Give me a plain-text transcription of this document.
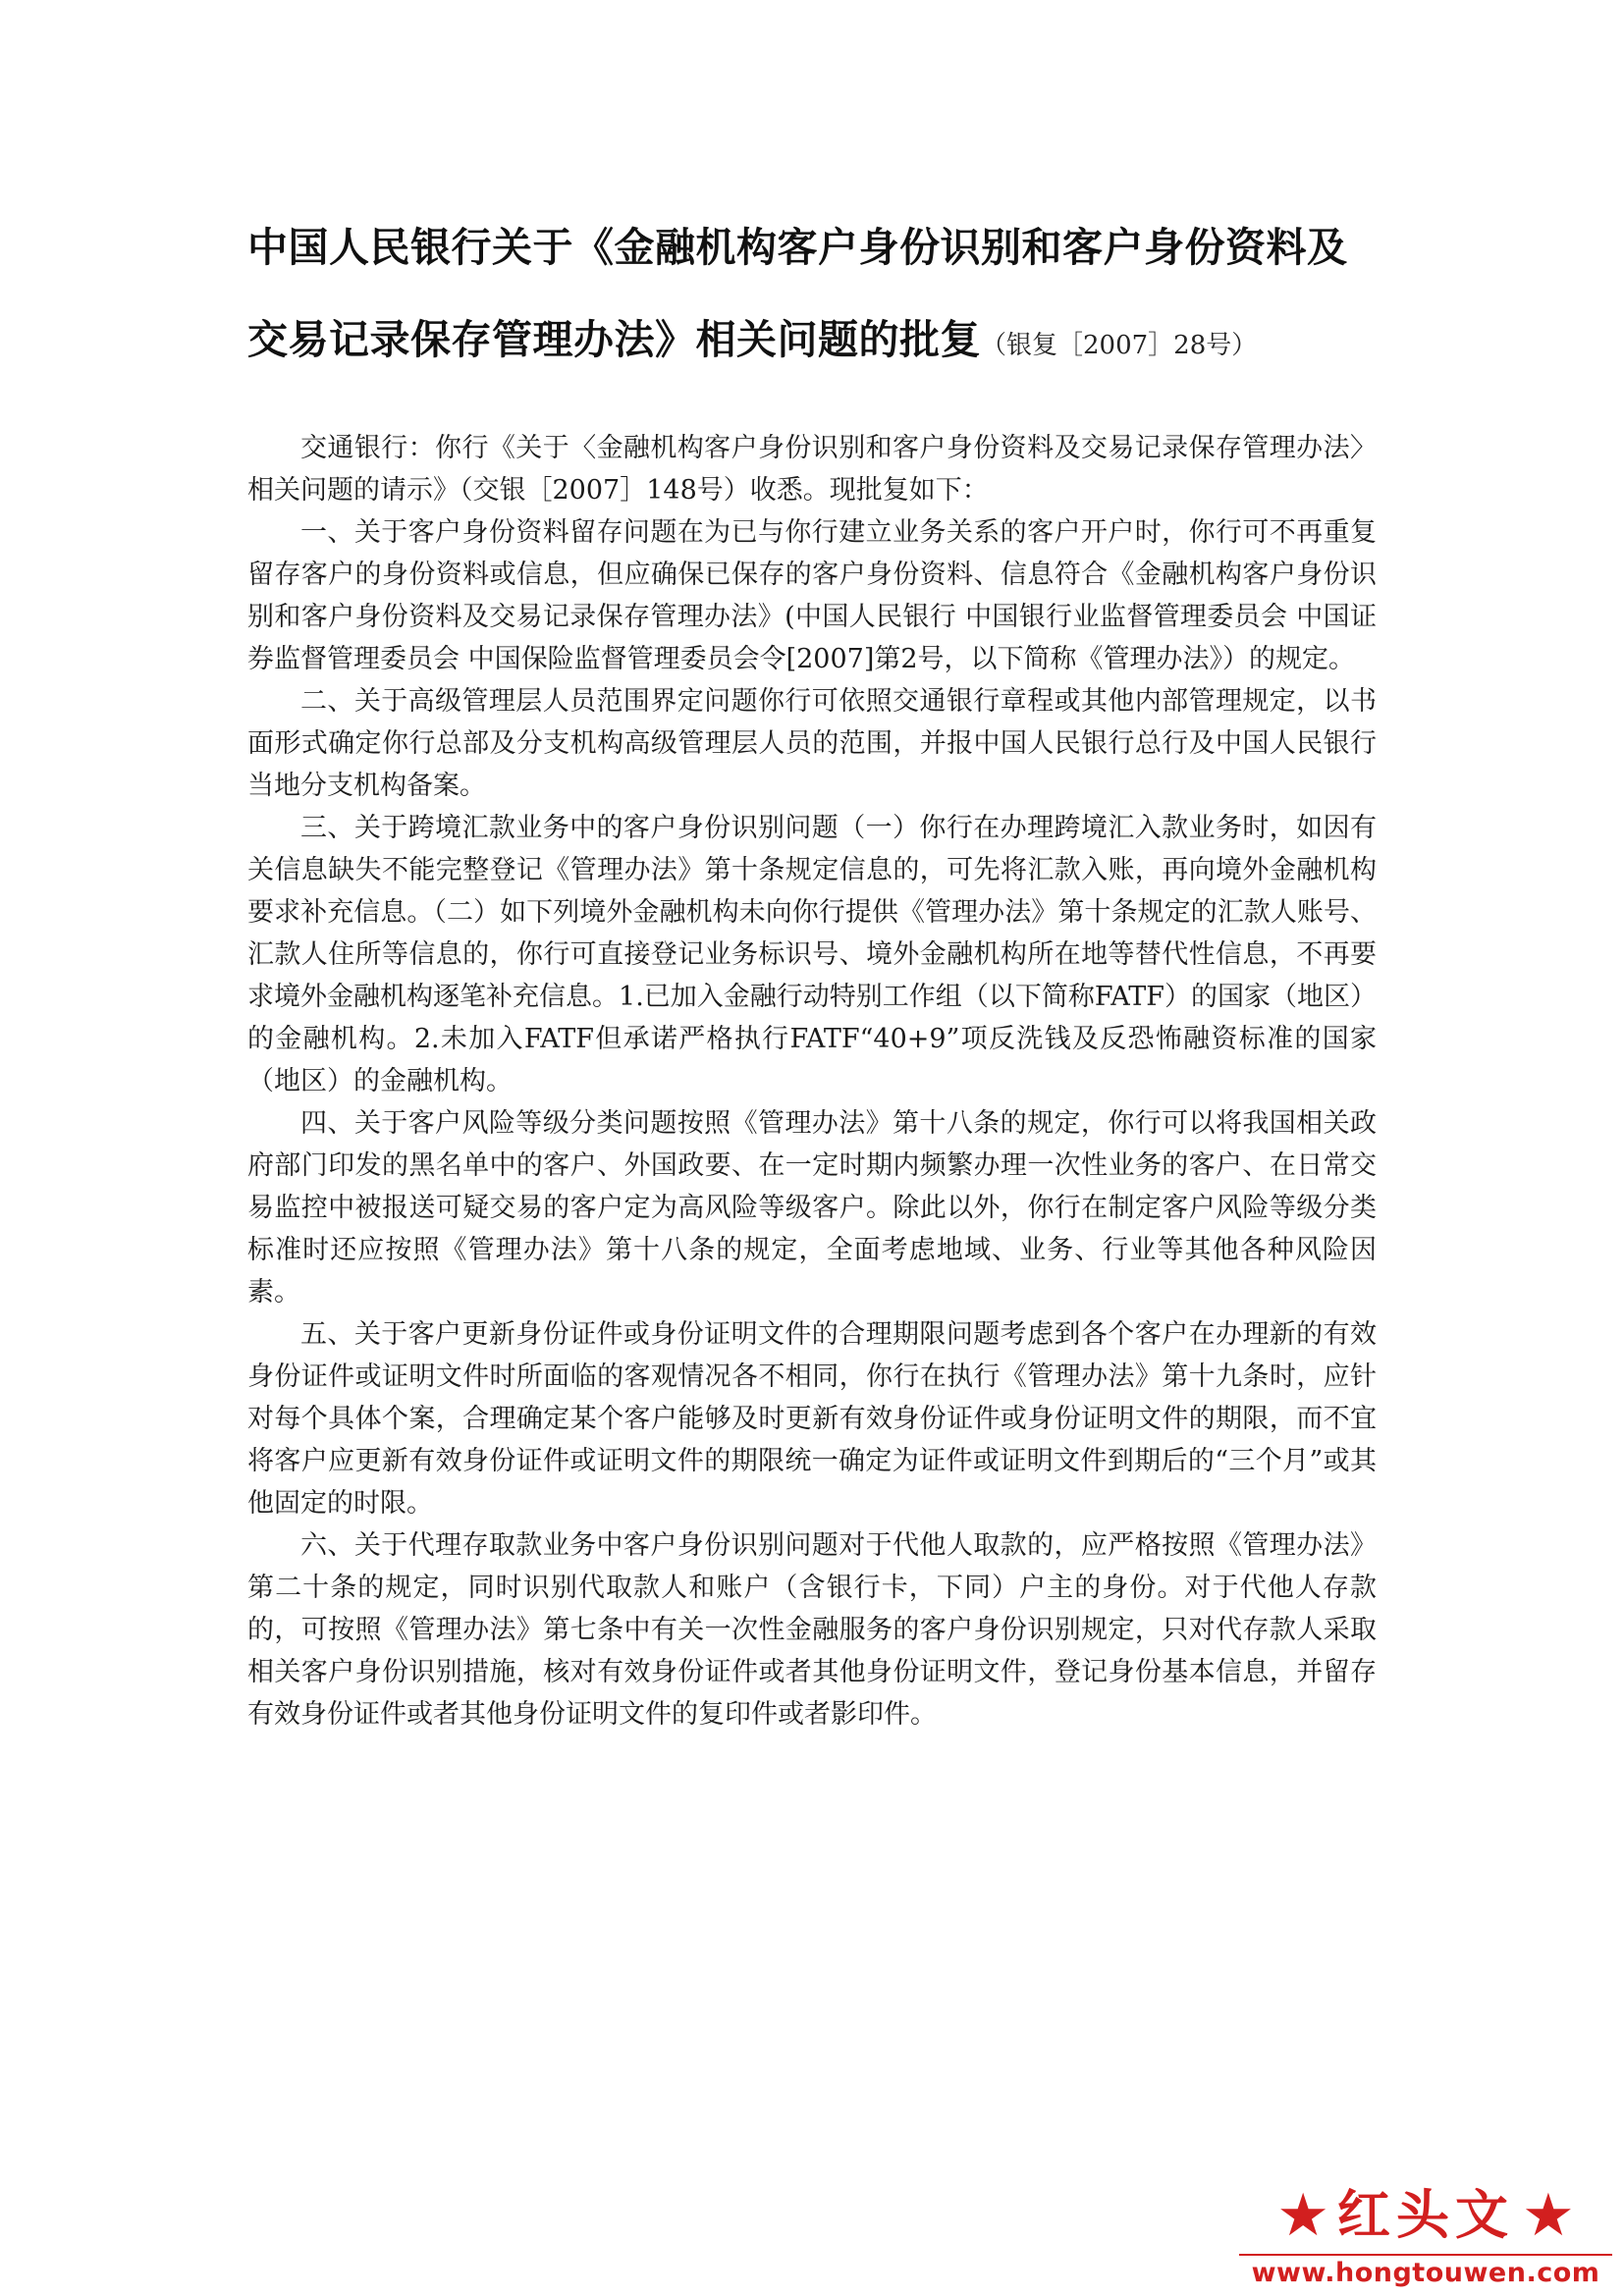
中国人民银行关于《金融机构客户身份识别和客户身份资料及交易记录保存管理办法》相关问题的批复（银复［2007］28号）

交通银行：你行《关于〈金融机构客户身份识别和客户身份资料及交易记录保存管理办法〉相关问题的请示》（交银［2007］148号）收悉。现批复如下：

一、关于客户身份资料留存问题在为已与你行建立业务关系的客户开户时，你行可不再重复留存客户的身份资料或信息，但应确保已保存的客户身份资料、信息符合《金融机构客户身份识别和客户身份资料及交易记录保存管理办法》(中国人民银行 中国银行业监督管理委员会 中国证券监督管理委员会 中国保险监督管理委员会令[2007]第2号，以下简称《管理办法》）的规定。

二、关于高级管理层人员范围界定问题你行可依照交通银行章程或其他内部管理规定，以书面形式确定你行总部及分支机构高级管理层人员的范围，并报中国人民银行总行及中国人民银行当地分支机构备案。

三、关于跨境汇款业务中的客户身份识别问题（一）你行在办理跨境汇入款业务时，如因有关信息缺失不能完整登记《管理办法》第十条规定信息的，可先将汇款入账，再向境外金融机构要求补充信息。（二）如下列境外金融机构未向你行提供《管理办法》第十条规定的汇款人账号、汇款人住所等信息的，你行可直接登记业务标识号、境外金融机构所在地等替代性信息，不再要求境外金融机构逐笔补充信息。1.已加入金融行动特别工作组（以下简称FATF）的国家（地区）的金融机构。2.未加入FATF但承诺严格执行FATF“40+9”项反洗钱及反恐怖融资标准的国家（地区）的金融机构。

四、关于客户风险等级分类问题按照《管理办法》第十八条的规定，你行可以将我国相关政府部门印发的黑名单中的客户、外国政要、在一定时期内频繁办理一次性业务的客户、在日常交易监控中被报送可疑交易的客户定为高风险等级客户。除此以外，你行在制定客户风险等级分类标准时还应按照《管理办法》第十八条的规定，全面考虑地域、业务、行业等其他各种风险因素。

五、关于客户更新身份证件或身份证明文件的合理期限问题考虑到各个客户在办理新的有效身份证件或证明文件时所面临的客观情况各不相同，你行在执行《管理办法》第十九条时，应针对每个具体个案，合理确定某个客户能够及时更新有效身份证件或身份证明文件的期限，而不宜将客户应更新有效身份证件或证明文件的期限统一确定为证件或证明文件到期后的“三个月”或其他固定的时限。

六、关于代理存取款业务中客户身份识别问题对于代他人取款的，应严格按照《管理办法》第二十条的规定，同时识别代取款人和账户（含银行卡，下同）户主的身份。对于代他人存款的，可按照《管理办法》第七条中有关一次性金融服务的客户身份识别规定，只对代存款人采取相关客户身份识别措施，核对有效身份证件或者其他身份证明文件，登记身份基本信息，并留存有效身份证件或者其他身份证明文件的复印件或者影印件。

★ 红头文 ★
www.hongtouwen.com
